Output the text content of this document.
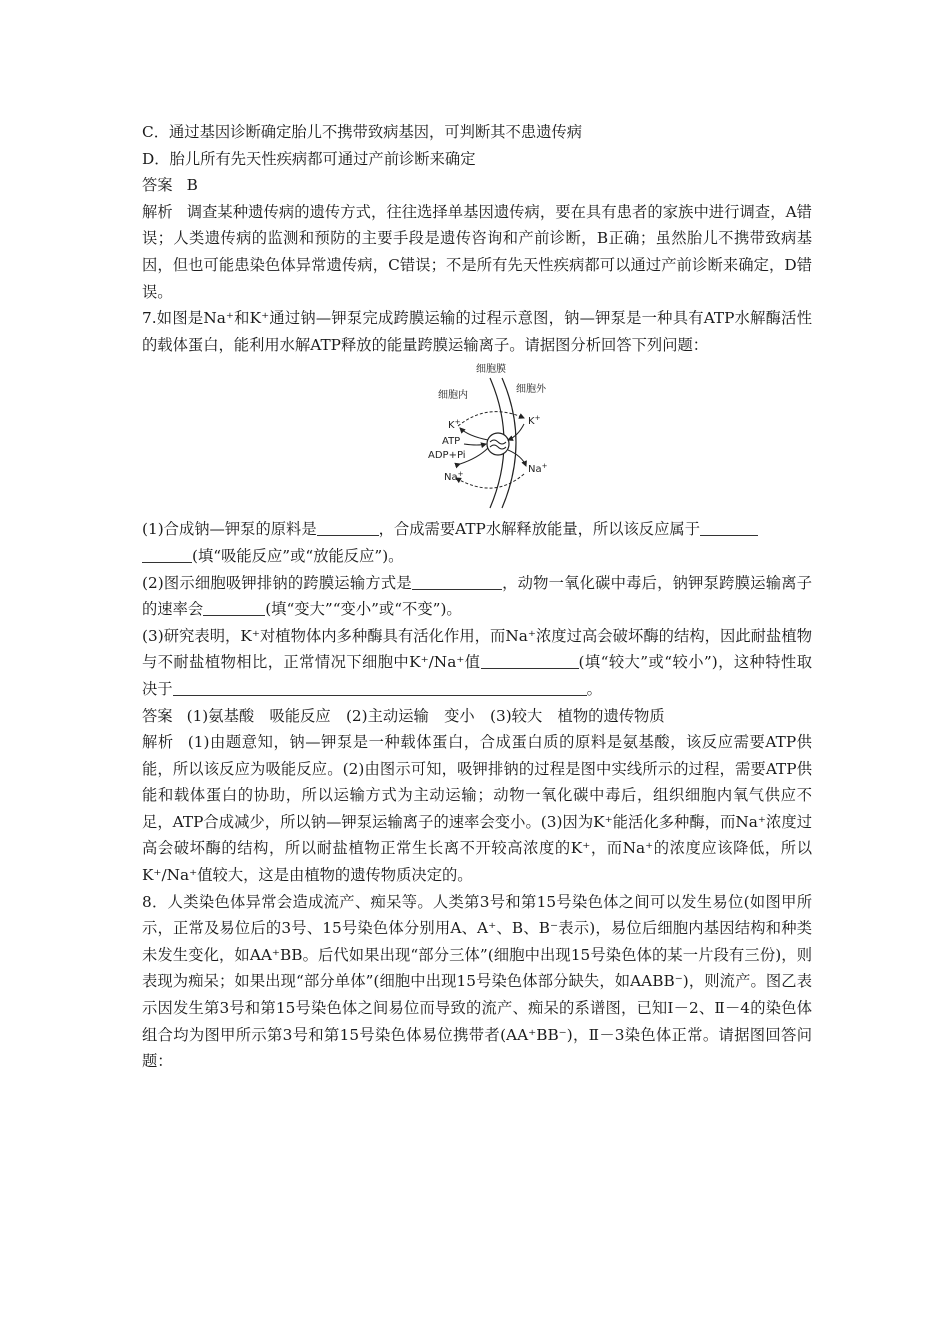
C．通过基因诊断确定胎儿不携带致病基因，可判断其不患遗传病

D．胎儿所有先天性疾病都可通过产前诊断来确定

答案 B

解析 调查某种遗传病的遗传方式，往往选择单基因遗传病，要在具有患者的家族中进行调查，A错误；人类遗传病的监测和预防的主要手段是遗传咨询和产前诊断，B正确；虽然胎儿不携带致病基因，但也可能患染色体异常遗传病，C错误；不是所有先天性疾病都可以通过产前诊断来确定，D错误。

7.如图是Na⁺和K⁺通过钠—钾泵完成跨膜运输的过程示意图，钠—钾泵是一种具有ATP水解酶活性的载体蛋白，能利用水解ATP释放的能量跨膜运输离子。请据图分析回答下列问题：

细胞膜
细胞内
细胞外
K+	K+
ATP
ADP+Pi
Na+	Na+

(1)合成钠—钾泵的原料是	，合成需要ATP水解释放能量，所以该反应属于
(填“吸能反应”或“放能反应”)。

(2)图示细胞吸钾排钠的跨膜运输方式是	，动物一氧化碳中毒后，钠钾泵跨膜运输离子的速率会	(填“变大”“变小”或“不变”)。

(3)研究表明，K⁺对植物体内多种酶具有活化作用，而Na⁺浓度过高会破坏酶的结构，因此耐盐植物与不耐盐植物相比，正常情况下细胞中K⁺/Na⁺值	(填“较大”或“较小”)，这种特性取决于	。

答案 (1)氨基酸　吸能反应　(2)主动运输　变小　(3)较大　植物的遗传物质

解析 (1)由题意知，钠—钾泵是一种载体蛋白，合成蛋白质的原料是氨基酸，该反应需要ATP供能，所以该反应为吸能反应。(2)由图示可知，吸钾排钠的过程是图中实线所示的过程，需要ATP供能和载体蛋白的协助，所以运输方式为主动运输；动物一氧化碳中毒后，组织细胞内氧气供应不足，ATP合成减少，所以钠—钾泵运输离子的速率会变小。(3)因为K⁺能活化多种酶，而Na⁺浓度过高会破坏酶的结构，所以耐盐植物正常生长离不开较高浓度的K⁺，而Na⁺的浓度应该降低，所以K⁺/Na⁺值较大，这是由植物的遗传物质决定的。

8．人类染色体异常会造成流产、痴呆等。人类第3号和第15号染色体之间可以发生易位(如图甲所示，正常及易位后的3号、15号染色体分别用A、A⁺、B、B⁻表示)，易位后细胞内基因结构和种类未发生变化，如AA⁺BB。后代如果出现“部分三体”(细胞中出现15号染色体的某一片段有三份)，则表现为痴呆；如果出现“部分单体”(细胞中出现15号染色体部分缺失，如AABB⁻)，则流产。图乙表示因发生第3号和第15号染色体之间易位而导致的流产、痴呆的系谱图，已知Ⅰ－2、Ⅱ－4的染色体组合均为图甲所示第3号和第15号染色体易位携带者(AA⁺BB⁻)，Ⅱ－3染色体正常。请据图回答问题：
